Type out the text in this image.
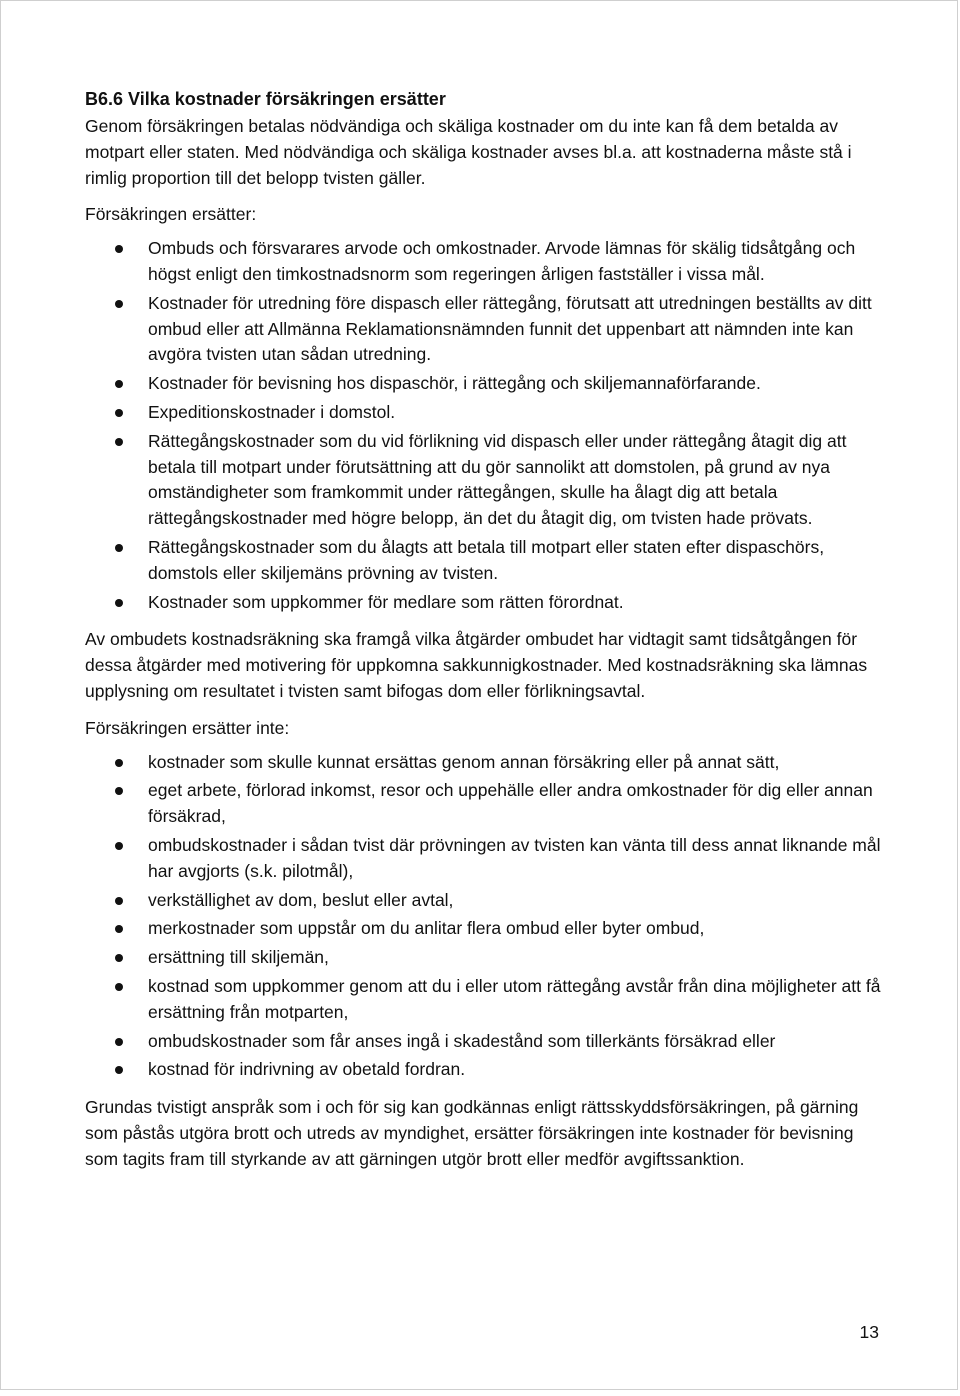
B6.6 Vilka kostnader försäkringen ersätter

Genom försäkringen betalas nödvändiga och skäliga kostnader om du inte kan få dem betalda av motpart eller staten. Med nödvändiga och skäliga kostnader avses bl.a. att kostnaderna måste stå i rimlig proportion till det belopp tvisten gäller.

Försäkringen ersätter:

Ombuds och försvarares arvode och omkostnader. Arvode lämnas för skälig tidsåtgång och högst enligt den timkostnadsnorm som regeringen årligen fastställer i vissa mål.
Kostnader för utredning före dispasch eller rättegång, förutsatt att utredningen beställts av ditt ombud eller att Allmänna Reklamationsnämnden funnit det uppenbart att nämnden inte kan avgöra tvisten utan sådan utredning.
Kostnader för bevisning hos dispaschör, i rättegång och skiljemannaförfarande.
Expeditionskostnader i domstol.
Rättegångskostnader som du vid förlikning vid dispasch eller under rättegång åtagit dig att betala till motpart under förutsättning att du gör sannolikt att domstolen, på grund av nya omständigheter som framkommit under rättegången, skulle ha ålagt dig att betala rättegångskostnader med högre belopp, än det du åtagit dig, om tvisten hade prövats.
Rättegångskostnader som du ålagts att betala till motpart eller staten efter dispaschörs, domstols eller skiljemäns prövning av tvisten.
Kostnader som uppkommer för medlare som rätten förordnat.

Av ombudets kostnadsräkning ska framgå vilka åtgärder ombudet har vidtagit samt tidsåtgången för dessa åtgärder med motivering för uppkomna sakkunnigkostnader. Med kostnadsräkning ska lämnas upplysning om resultatet i tvisten samt bifogas dom eller förlikningsavtal.

Försäkringen ersätter inte:

kostnader som skulle kunnat ersättas genom annan försäkring eller på annat sätt,
eget arbete, förlorad inkomst, resor och uppehälle eller andra omkostnader för dig eller annan försäkrad,
ombudskostnader i sådan tvist där prövningen av tvisten kan vänta till dess annat liknande mål har avgjorts (s.k. pilotmål),
verkställighet av dom, beslut eller avtal,
merkostnader som uppstår om du anlitar flera ombud eller byter ombud,
ersättning till skiljemän,
kostnad som uppkommer genom att du i eller utom rättegång avstår från dina möjligheter att få ersättning från motparten,
ombudskostnader som får anses ingå i skadestånd som tillerkänts försäkrad eller
kostnad för indrivning av obetald fordran.

Grundas tvistigt anspråk som i och för sig kan godkännas enligt rättsskyddsförsäkringen, på gärning som påstås utgöra brott och utreds av myndighet, ersätter försäkringen inte kostnader för bevisning som tagits fram till styrkande av att gärningen utgör brott eller medför avgiftssanktion.

13
